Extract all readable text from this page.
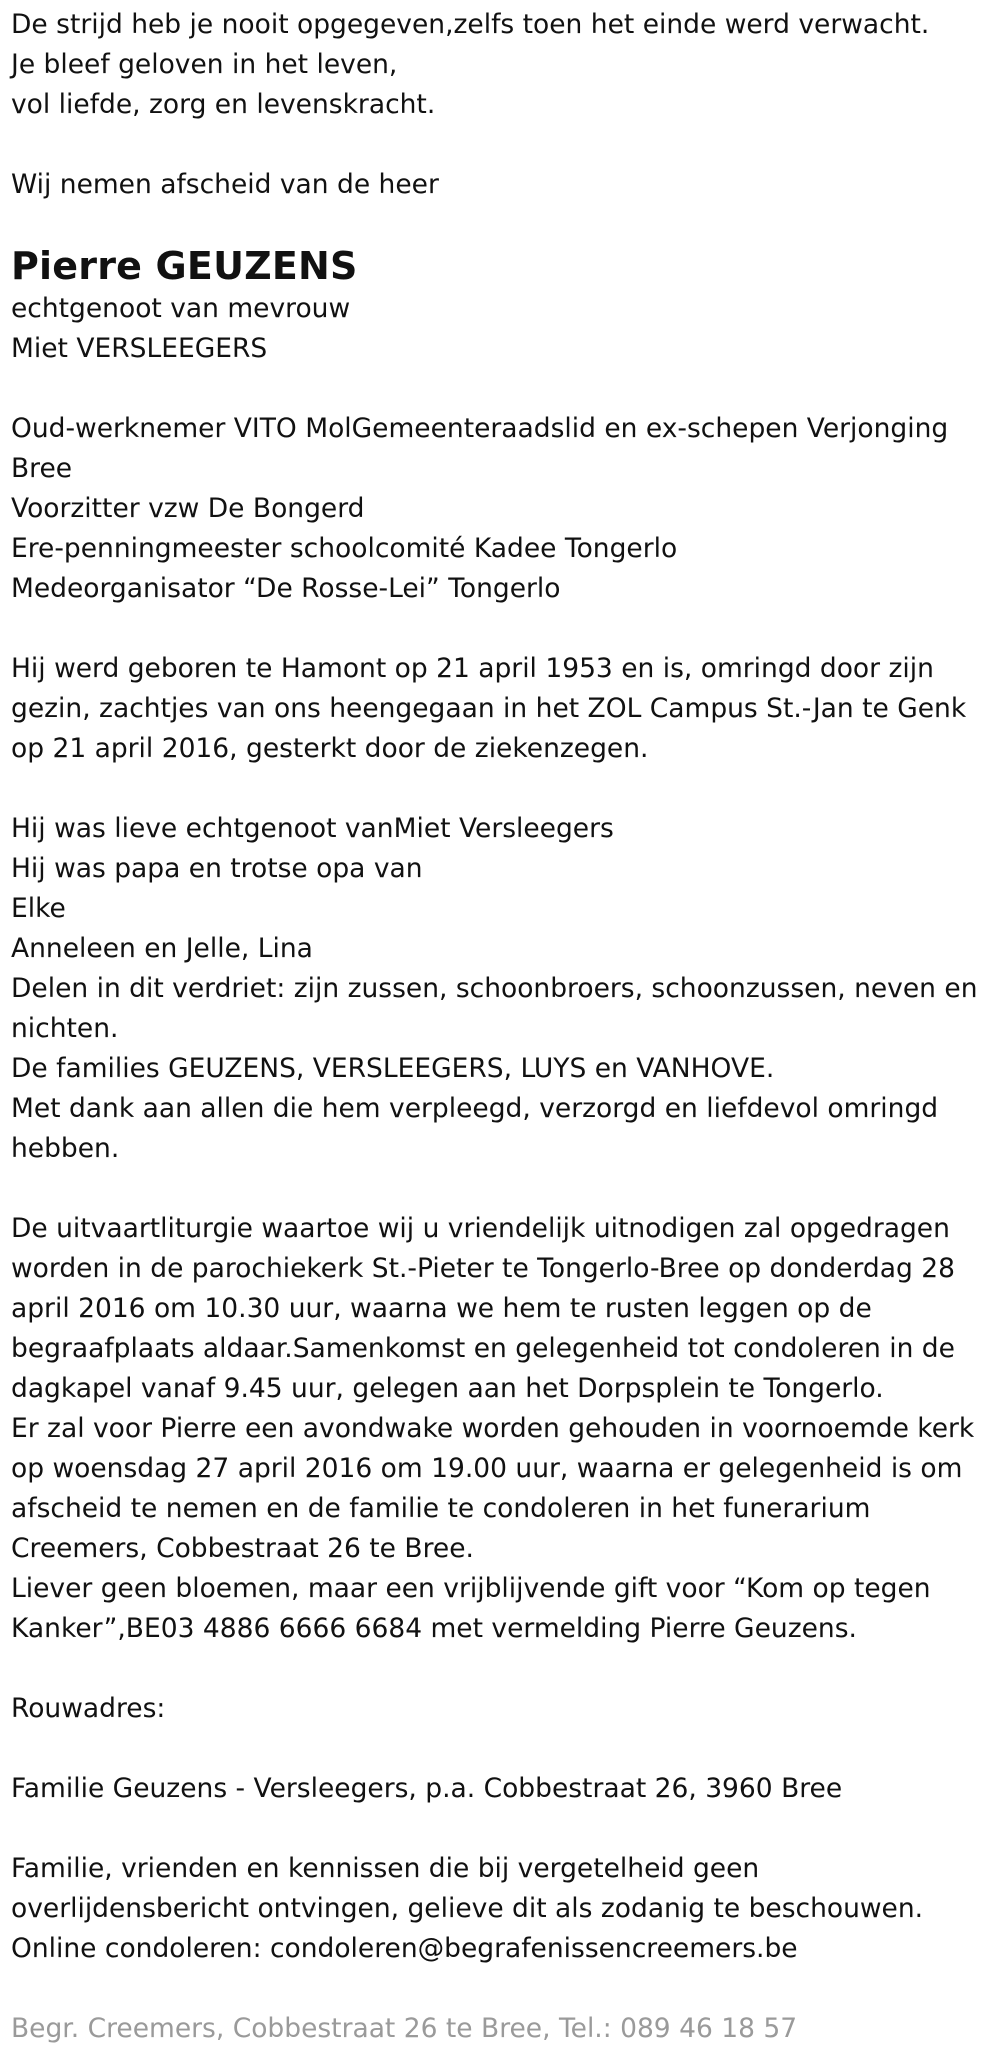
De strijd heb je nooit opgegeven,zelfs toen het einde werd verwacht.

Je bleef geloven in het leven,

vol liefde, zorg en levenskracht.

Wij nemen afscheid van de heer

Pierre GEUZENS

echtgenoot van mevrouw

Miet VERSLEEGERS

Oud-werknemer VITO MolGemeenteraadslid en ex-schepen Verjonging

Bree

Voorzitter vzw De Bongerd

Ere-penningmeester schoolcomité Kadee Tongerlo

Medeorganisator “De Rosse-Lei” Tongerlo

Hij werd geboren te Hamont op 21 april 1953 en is, omringd door zijn

gezin, zachtjes van ons heengegaan in het ZOL Campus St.-Jan te Genk

op 21 april 2016, gesterkt door de ziekenzegen.

Hij was lieve echtgenoot vanMiet Versleegers

Hij was papa en trotse opa van

Elke

Anneleen en Jelle, Lina

Delen in dit verdriet: zijn zussen, schoonbroers, schoonzussen, neven en

nichten.

De families GEUZENS, VERSLEEGERS, LUYS en VANHOVE.

Met dank aan allen die hem verpleegd, verzorgd en liefdevol omringd

hebben.

De uitvaartliturgie waartoe wij u vriendelijk uitnodigen zal opgedragen

worden in de parochiekerk St.-Pieter te Tongerlo-Bree op donderdag 28

april 2016 om 10.30 uur, waarna we hem te rusten leggen op de

begraafplaats aldaar.Samenkomst en gelegenheid tot condoleren in de

dagkapel vanaf 9.45 uur, gelegen aan het Dorpsplein te Tongerlo.

Er zal voor Pierre een avondwake worden gehouden in voornoemde kerk

op woensdag 27 april 2016 om 19.00 uur, waarna er gelegenheid is om

afscheid te nemen en de familie te condoleren in het funerarium

Creemers, Cobbestraat 26 te Bree.

Liever geen bloemen, maar een vrijblijvende gift voor “Kom op tegen

Kanker”,BE03 4886 6666 6684 met vermelding Pierre Geuzens.

Rouwadres:

Familie Geuzens - Versleegers, p.a. Cobbestraat 26, 3960 Bree

Familie, vrienden en kennissen die bij vergetelheid geen

overlijdensbericht ontvingen, gelieve dit als zodanig te beschouwen.

Online condoleren: condoleren@begrafenissencreemers.be

Begr. Creemers, Cobbestraat 26 te Bree, Tel.: 089 46 18 57
